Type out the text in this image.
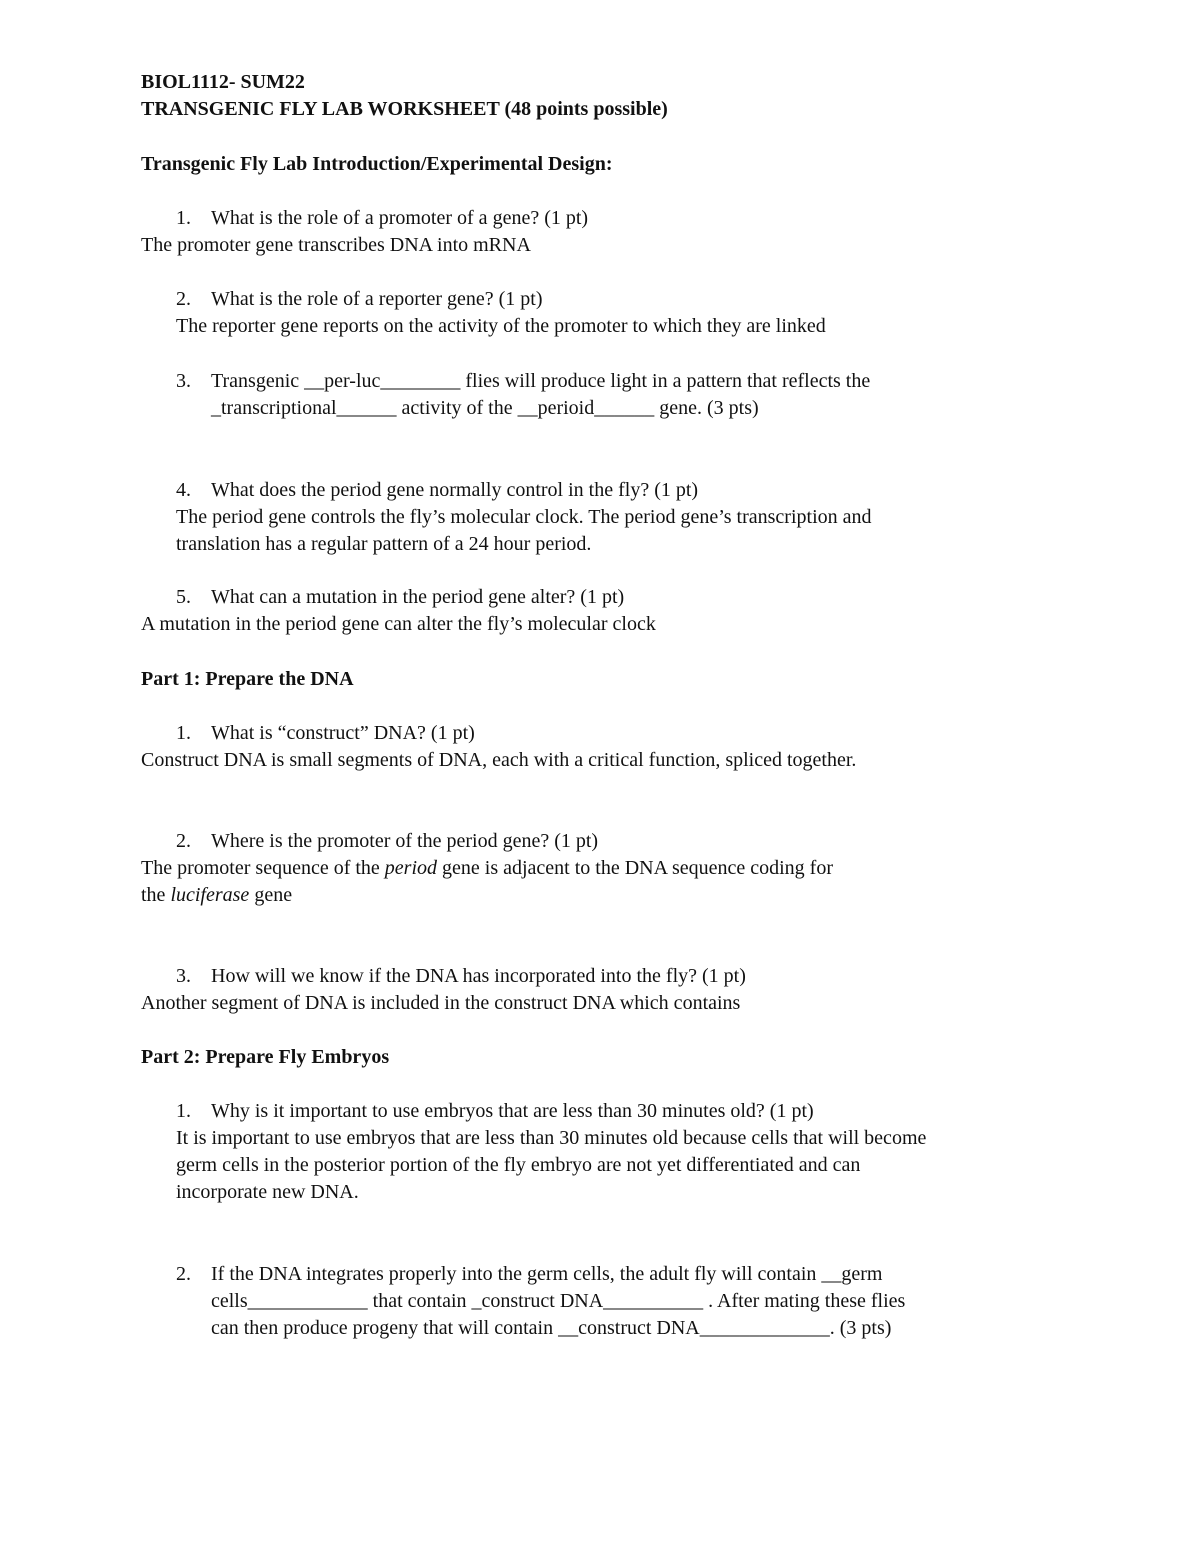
BIOL1112- SUM22
TRANSGENIC FLY LAB WORKSHEET (48 points possible)
Transgenic Fly Lab Introduction/Experimental Design:
1. What is the role of a promoter of a gene? (1 pt)
The promoter gene transcribes DNA into mRNA
2. What is the role of a reporter gene? (1 pt)
The reporter gene reports on the activity of the promoter to which they are linked
3. Transgenic __per-luc________ flies will produce light in a pattern that reflects the
_transcriptional______ activity of the __perioid______ gene. (3 pts)
4. What does the period gene normally control in the fly? (1 pt)
The period gene controls the fly’s molecular clock. The period gene’s transcription and
translation has a regular pattern of a 24 hour period.
5. What can a mutation in the period gene alter? (1 pt)
A mutation in the period gene can alter the fly’s molecular clock
Part 1: Prepare the DNA
1. What is “construct” DNA? (1 pt)
Construct DNA is small segments of DNA, each with a critical function, spliced together.
2. Where is the promoter of the period gene? (1 pt)
The promoter sequence of the period gene is adjacent to the DNA sequence coding for
the luciferase gene
3. How will we know if the DNA has incorporated into the fly? (1 pt)
Another segment of DNA is included in the construct DNA which contains
Part 2: Prepare Fly Embryos
1. Why is it important to use embryos that are less than 30 minutes old? (1 pt)
It is important to use embryos that are less than 30 minutes old because cells that will become
germ cells in the posterior portion of the fly embryo are not yet differentiated and can
incorporate new DNA.
2. If the DNA integrates properly into the germ cells, the adult fly will contain __germ
cells____________ that contain _construct DNA__________ . After mating these flies
can then produce progeny that will contain __construct DNA_____________. (3 pts)
